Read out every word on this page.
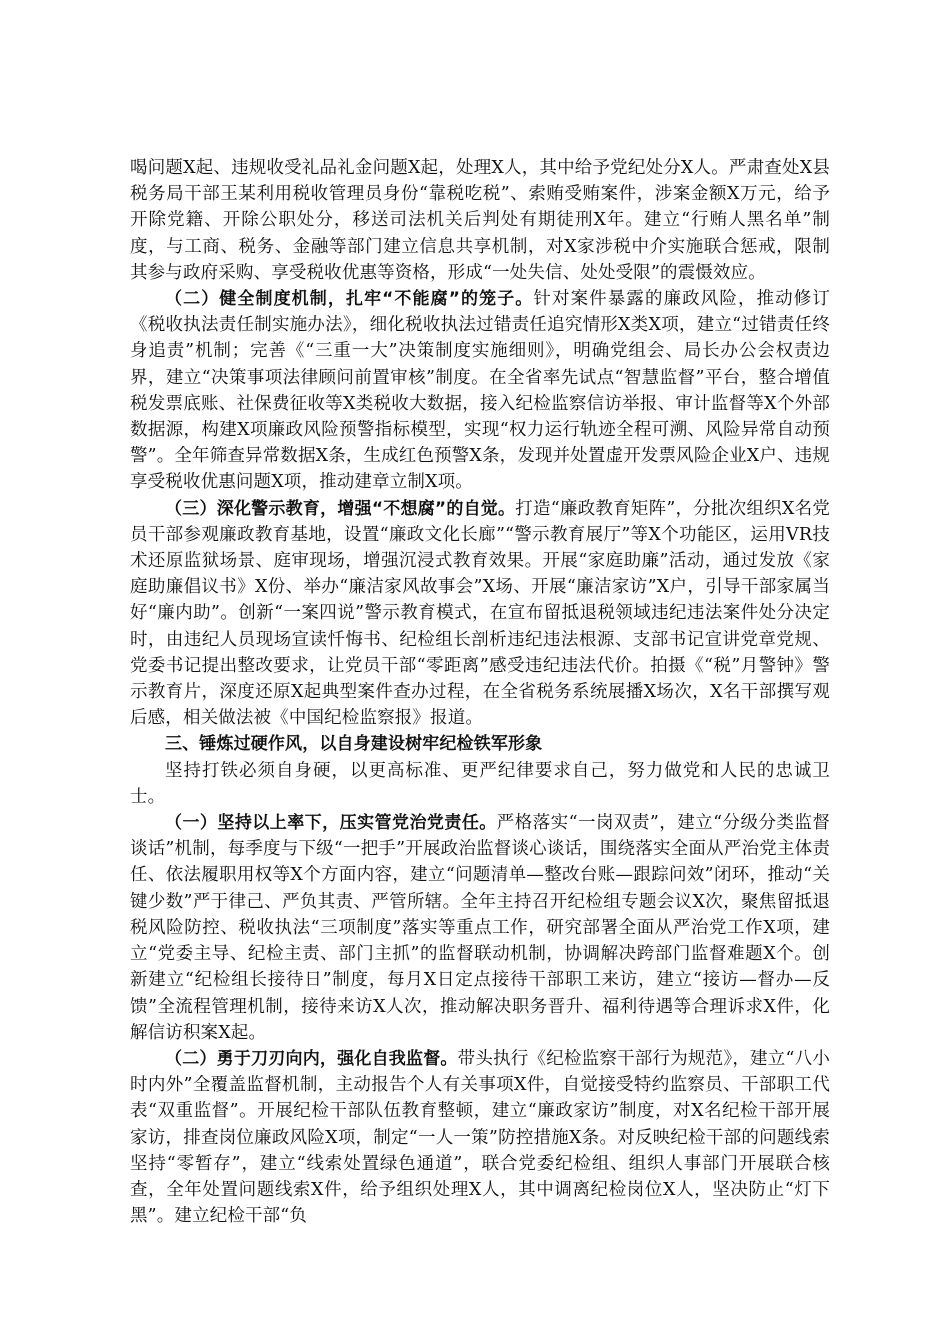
喝问题X起、违规收受礼品礼金问题X起，处理X人，其中给予党纪处分X人。严肃查处X县税务局干部王某利用税收管理员身份“靠税吃税”、索贿受贿案件，涉案金额X万元，给予开除党籍、开除公职处分，移送司法机关后判处有期徒刑X年。建立“行贿人黑名单”制度，与工商、税务、金融等部门建立信息共享机制，对X家涉税中介实施联合惩戒，限制其参与政府采购、享受税收优惠等资格，形成“一处失信、处处受限”的震慑效应。

（二）健全制度机制，扎牢“不能腐”的笼子。针对案件暴露的廉政风险，推动修订《税收执法责任制实施办法》，细化税收执法过错责任追究情形X类X项，建立“过错责任终身追责”机制；完善《“三重一大”决策制度实施细则》，明确党组会、局长办公会权责边界，建立“决策事项法律顾问前置审核”制度。在全省率先试点“智慧监督”平台，整合增值税发票底账、社保费征收等X类税收大数据，接入纪检监察信访举报、审计监督等X个外部数据源，构建X项廉政风险预警指标模型，实现“权力运行轨迹全程可溯、风险异常自动预警”。全年筛查异常数据X条，生成红色预警X条，发现并处置虚开发票风险企业X户、违规享受税收优惠问题X项，推动建章立制X项。

（三）深化警示教育，增强“不想腐”的自觉。打造“廉政教育矩阵”，分批次组织X名党员干部参观廉政教育基地，设置“廉政文化长廊”“警示教育展厅”等X个功能区，运用VR技术还原监狱场景、庭审现场，增强沉浸式教育效果。开展“家庭助廉”活动，通过发放《家庭助廉倡议书》X份、举办“廉洁家风故事会”X场、开展“廉洁家访”X户，引导干部家属当好“廉内助”。创新“一案四说”警示教育模式，在宣布留抵退税领域违纪违法案件处分决定时，由违纪人员现场宣读忏悔书、纪检组长剖析违纪违法根源、支部书记宣讲党章党规、党委书记提出整改要求，让党员干部“零距离”感受违纪违法代价。拍摄《“税”月警钟》警示教育片，深度还原X起典型案件查办过程，在全省税务系统展播X场次，X名干部撰写观后感，相关做法被《中国纪检监察报》报道。

三、锤炼过硬作风，以自身建设树牢纪检铁军形象

坚持打铁必须自身硬，以更高标准、更严纪律要求自己，努力做党和人民的忠诚卫士。

（一）坚持以上率下，压实管党治党责任。严格落实“一岗双责”，建立“分级分类监督谈话”机制，每季度与下级“一把手”开展政治监督谈心谈话，围绕落实全面从严治党主体责任、依法履职用权等X个方面内容，建立“问题清单—整改台账—跟踪问效”闭环，推动“关键少数”严于律己、严负其责、严管所辖。全年主持召开纪检组专题会议X次，聚焦留抵退税风险防控、税收执法“三项制度”落实等重点工作，研究部署全面从严治党工作X项，建立“党委主导、纪检主责、部门主抓”的监督联动机制，协调解决跨部门监督难题X个。创新建立“纪检组长接待日”制度，每月X日定点接待干部职工来访，建立“接访—督办—反馈”全流程管理机制，接待来访X人次，推动解决职务晋升、福利待遇等合理诉求X件，化解信访积案X起。

（二）勇于刀刃向内，强化自我监督。带头执行《纪检监察干部行为规范》，建立“八小时内外”全覆盖监督机制，主动报告个人有关事项X件，自觉接受特约监察员、干部职工代表“双重监督”。开展纪检干部队伍教育整顿，建立“廉政家访”制度，对X名纪检干部开展家访，排查岗位廉政风险X项，制定“一人一策”防控措施X条。对反映纪检干部的问题线索坚持“零暂存”，建立“线索处置绿色通道”，联合党委纪检组、组织人事部门开展联合核查，全年处置问题线索X件，给予组织处理X人，其中调离纪检岗位X人，坚决防止“灯下黑”。建立纪检干部“负
